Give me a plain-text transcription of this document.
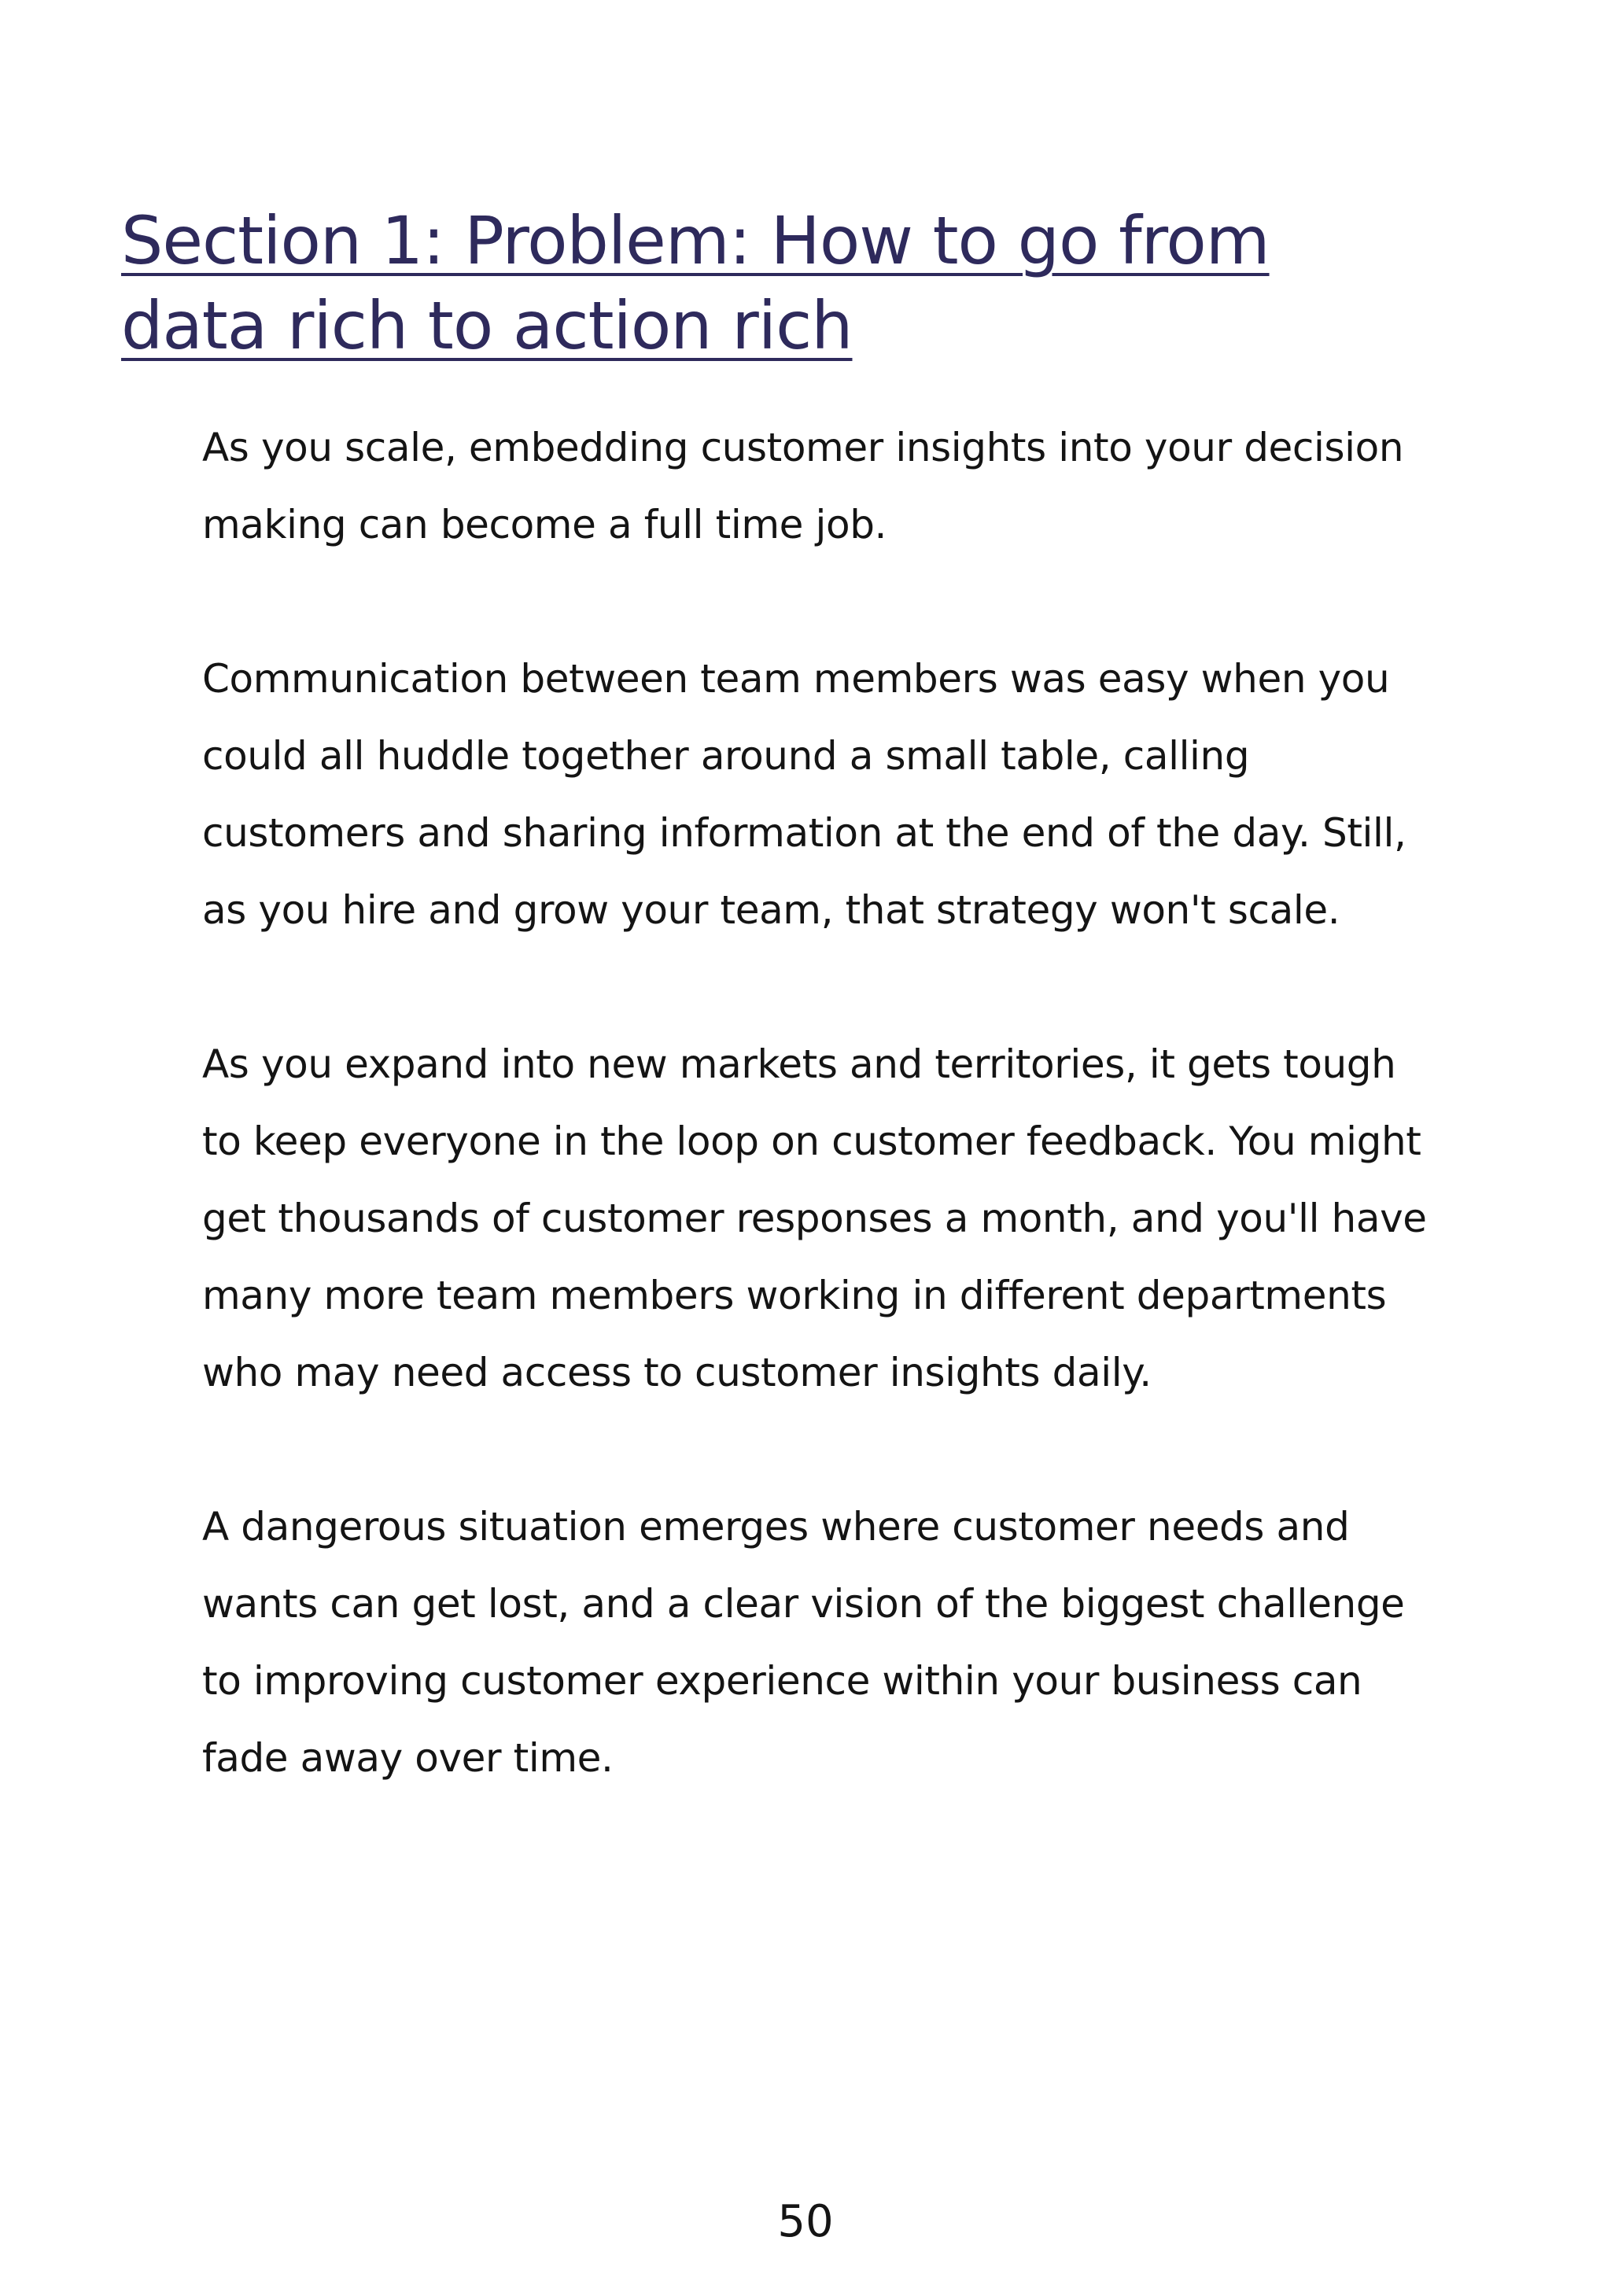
Section 1: Problem: How to go from data rich to action rich

As you scale, embedding customer insights into your decision making can become a full time job.

Communication between team members was easy when you could all huddle together around a small table, calling customers and sharing information at the end of the day. Still, as you hire and grow your team, that strategy won't scale.

As you expand into new markets and territories, it gets tough to keep everyone in the loop on customer feedback. You might get thousands of customer responses a month, and you'll have many more team members working in different departments who may need access to customer insights daily.

A dangerous situation emerges where customer needs and wants can get lost, and a clear vision of the biggest challenge to improving customer experience within your business can fade away over time.

50
